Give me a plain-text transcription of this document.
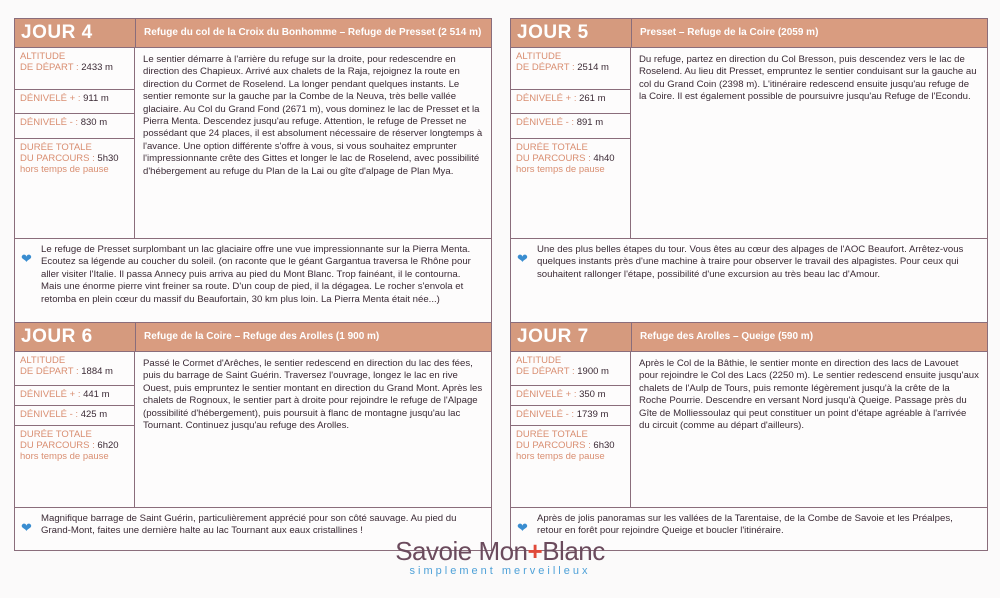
JOUR 4	Refuge du col de la Croix du Bonhomme – Refuge de Presset (2 514 m)
ALTITUDE
DE DÉPART : 2433 m
DÉNIVELÉ + : 911 m
DÉNIVELÉ - : 830 m
DURÉE TOTALE
DU PARCOURS : 5h30
hors temps de pause
Le sentier démarre à l'arrière du refuge sur la droite, pour redescendre en direction des Chapieux. Arrivé aux chalets de la Raja, rejoignez la route en direction du Cormet de Roselend. La longer pendant quelques instants. Le sentier remonte sur la gauche par la Combe de la Neuva, très belle vallée glaciaire. Au Col du Grand Fond (2671 m), vous dominez le lac de Presset et la Pierra Menta. Descendez jusqu'au refuge. Attention, le refuge de Presset ne possédant que 24 places, il est absolument nécessaire de réserver longtemps à l'avance. Une option différente s'offre à vous, si vous souhaitez emprunter l'impressionnante crête des Gittes et longer le lac de Roselend, avec possibilité d'hébergement au refuge du Plan de la Lai ou gîte d'alpage de Plan Mya.
❤
Le refuge de Presset surplombant un lac glaciaire offre une vue impressionnante sur la Pierra Menta. Ecoutez sa légende au coucher du soleil. (on raconte que le géant Gargantua traversa le Rhône pour aller visiter l'Italie. Il passa Annecy puis arriva au pied du Mont Blanc. Trop fainéant, il le contourna. Mais une énorme pierre vint freiner sa route. D'un coup de pied, il la dégagea. Le rocher s'envola et retomba en plein cœur du massif du Beaufortain, 30 km plus loin. La Pierra Menta était née...)
JOUR 5	Presset – Refuge de la Coire (2059 m)
ALTITUDE
DE DÉPART : 2514 m
DÉNIVELÉ + : 261 m
DÉNIVELÉ - : 891 m
DURÉE TOTALE
DU PARCOURS : 4h40
hors temps de pause
Du refuge, partez en direction du Col Bresson, puis descendez vers le lac de Roselend. Au lieu dit Presset, empruntez le sentier conduisant sur la gauche au col du Grand Coin (2398 m). L'itinéraire redescend ensuite jusqu'au refuge de la Coire. Il est également possible de poursuivre jusqu'au Refuge de l'Econdu.
❤
Une des plus belles étapes du tour. Vous êtes au cœur des alpages de l'AOC Beaufort. Arrêtez-vous quelques instants près d'une machine à traire pour observer le travail des alpagistes. Pour ceux qui souhaitent rallonger l'étape, possibilité d'une excursion au très beau lac d'Amour.
JOUR 6	Refuge de la Coire – Refuge des Arolles (1 900 m)
ALTITUDE
DE DÉPART : 1884 m
DÉNIVELÉ + : 441 m
DÉNIVELÉ - : 425 m
DURÉE TOTALE
DU PARCOURS : 6h20
hors temps de pause
Passé le Cormet d'Arêches, le sentier redescend en direction du lac des fées, puis du barrage de Saint Guérin. Traversez l'ouvrage, longez le lac en rive Ouest, puis empruntez le sentier montant en direction du Grand Mont. Après les chalets de Rognoux, le sentier part à droite pour rejoindre le refuge de l'Alpage (possibilité d'hébergement), puis poursuit à flanc de montagne jusqu'au lac Tournant. Continuez jusqu'au refuge des Arolles.
❤
Magnifique barrage de Saint Guérin, particulièrement apprécié pour son côté sauvage. Au pied du Grand-Mont, faites une dernière halte au lac Tournant aux eaux cristallines !
JOUR 7	Refuge des Arolles – Queige (590 m)
ALTITUDE
DE DÉPART : 1900 m
DÉNIVELÉ + : 350 m
DÉNIVELÉ - : 1739 m
DURÉE TOTALE
DU PARCOURS : 6h30
hors temps de pause
Après le Col de la Bâthie, le sentier monte en direction des lacs de Lavouet pour rejoindre le Col des Lacs (2250 m). Le sentier redescend ensuite jusqu'aux chalets de l'Aulp de Tours, puis remonte légèrement jusqu'à la crête de la Roche Pourrie. Descendre en versant Nord jusqu'à Queige. Passage près du Gîte de Molliessoulaz qui peut constituer un point d'étape agréable à l'arrivée du circuit (comme au départ d'ailleurs).
❤
Après de jolis panoramas sur les vallées de la Tarentaise, de la Combe de Savoie et les Préalpes, retour en forêt pour rejoindre Queige et boucler l'itinéraire.
Savoie Mon+Blanc
simplement merveilleux
